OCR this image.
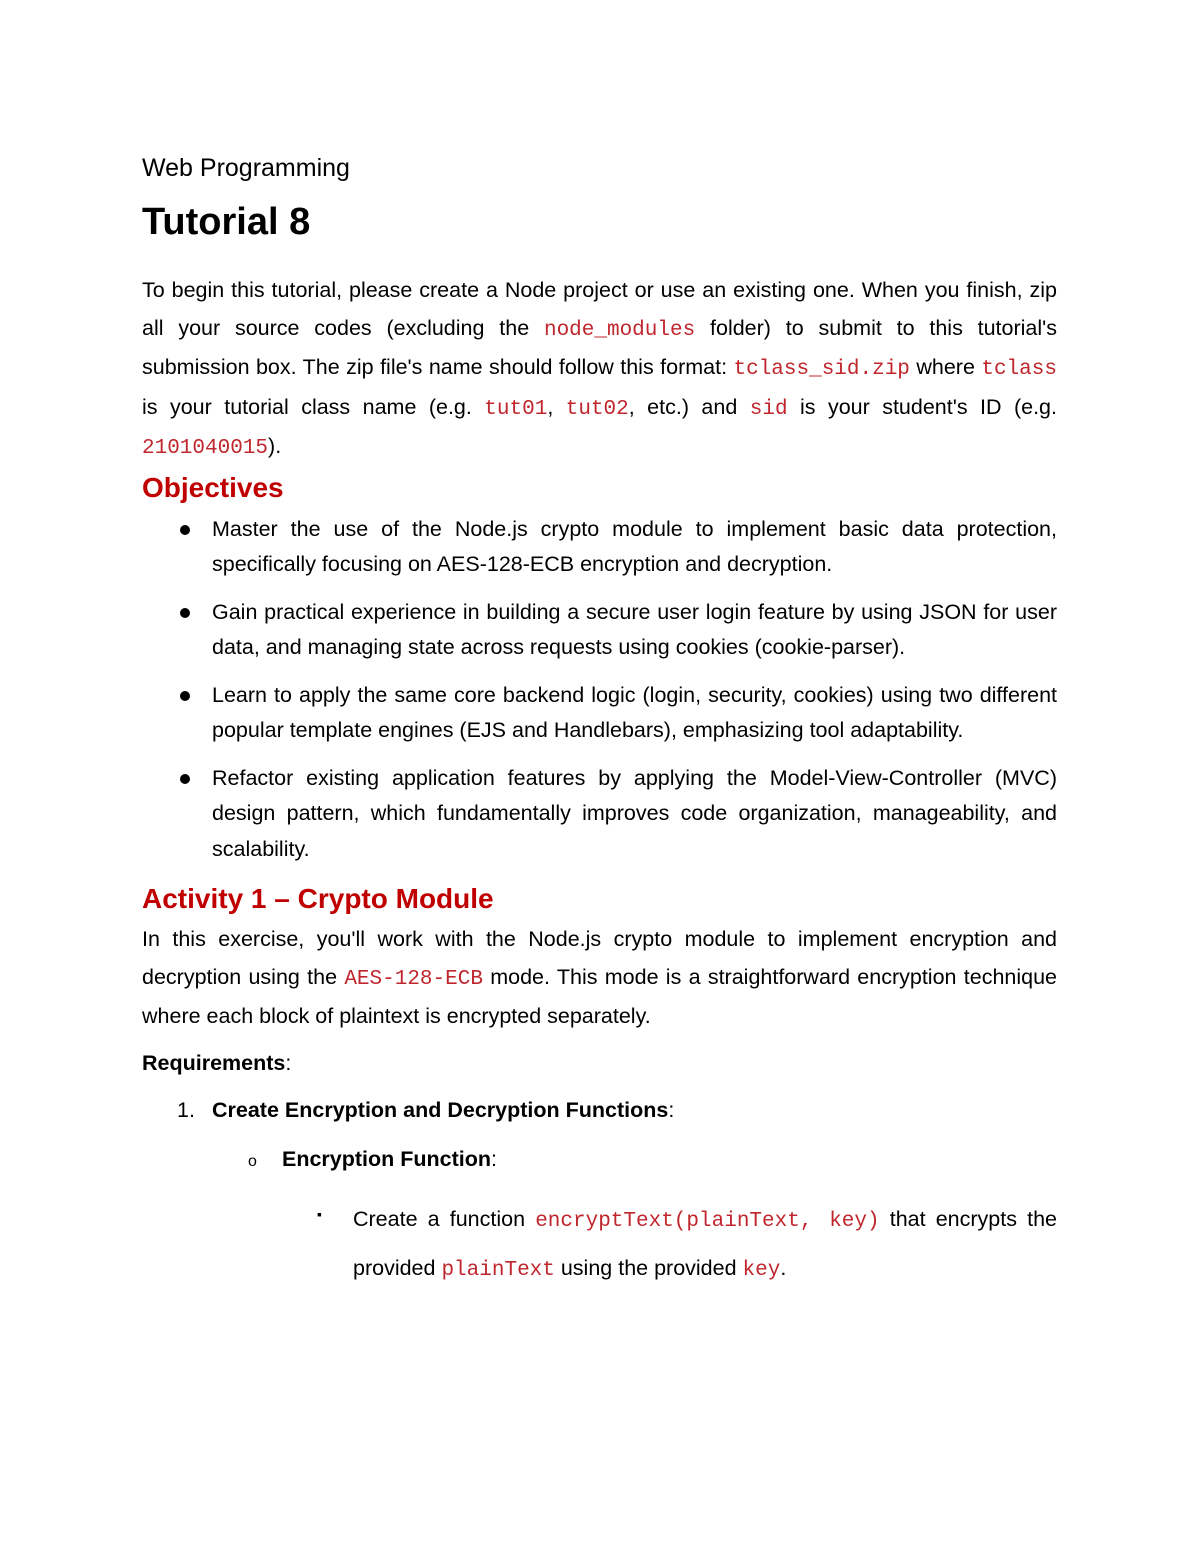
Web Programming

Tutorial 8

To begin this tutorial, please create a Node project or use an existing one. When you finish, zip all your source codes (excluding the node_modules folder) to submit to this tutorial's submission box. The zip file's name should follow this format: tclass_sid.zip where tclass is your tutorial class name (e.g. tut01, tut02, etc.) and sid is your student's ID (e.g. 2101040015).

Objectives
Master the use of the Node.js crypto module to implement basic data protection, specifically focusing on AES-128-ECB encryption and decryption.
Gain practical experience in building a secure user login feature by using JSON for user data, and managing state across requests using cookies (cookie-parser).
Learn to apply the same core backend logic (login, security, cookies) using two different popular template engines (EJS and Handlebars), emphasizing tool adaptability.
Refactor existing application features by applying the Model-View-Controller (MVC) design pattern, which fundamentally improves code organization, manageability, and scalability.
Activity 1 – Crypto Module

In this exercise, you'll work with the Node.js crypto module to implement encryption and decryption using the AES-128-ECB mode. This mode is a straightforward encryption technique where each block of plaintext is encrypted separately.

Requirements:

1. Create Encryption and Decryption Functions:
o Encryption Function:
▪ Create a function encryptText(plainText, key) that encrypts the provided plainText using the provided key.
